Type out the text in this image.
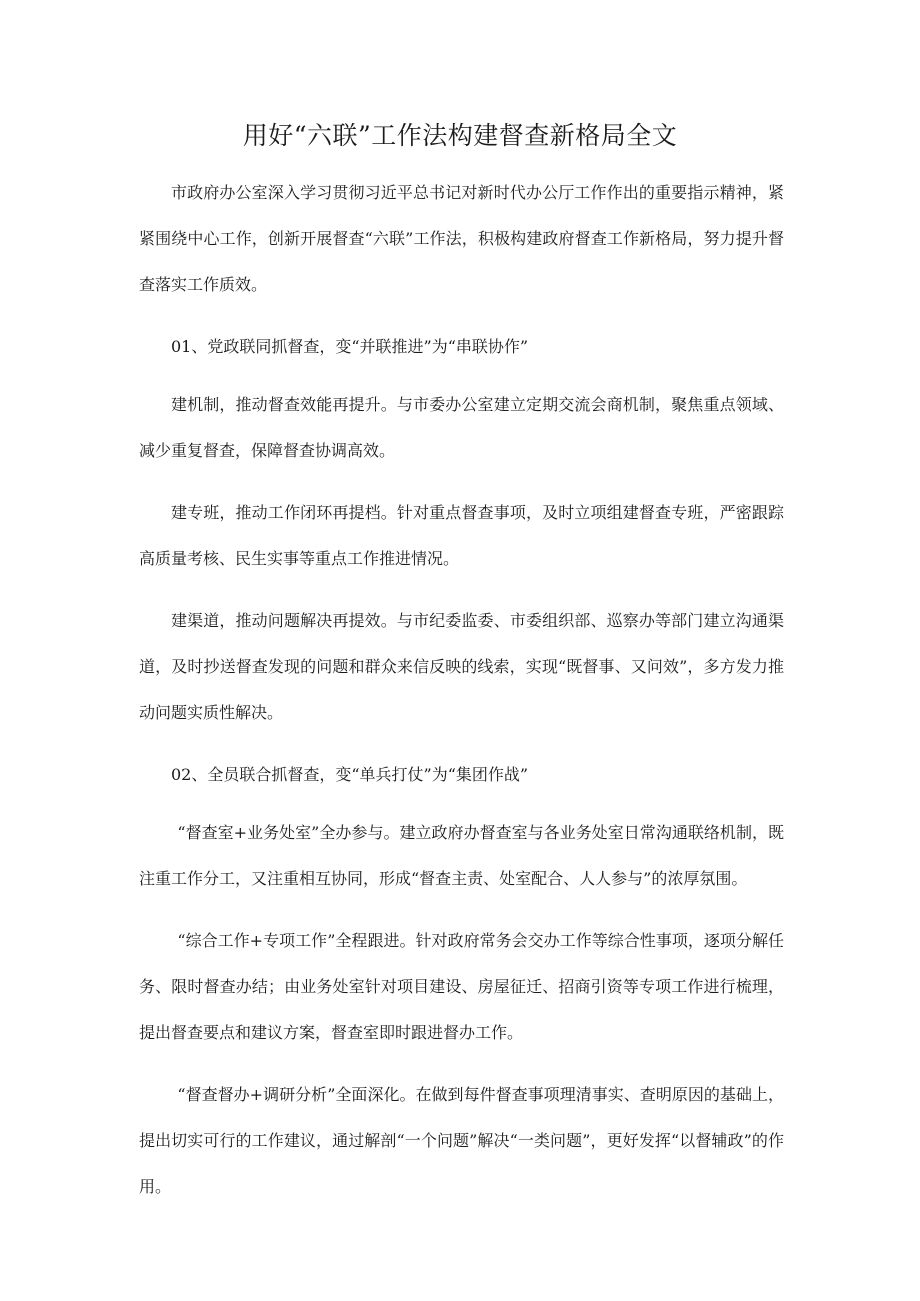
用好“六联”工作法构建督查新格局全文

市政府办公室深入学习贯彻习近平总书记对新时代办公厅工作作出的重要指示精神，紧紧围绕中心工作，创新开展督查“六联”工作法，积极构建政府督查工作新格局，努力提升督查落实工作质效。

01、党政联同抓督查，变“并联推进”为“串联协作”

建机制，推动督查效能再提升。与市委办公室建立定期交流会商机制，聚焦重点领域、减少重复督查，保障督查协调高效。

建专班，推动工作闭环再提档。针对重点督查事项，及时立项组建督查专班，严密跟踪高质量考核、民生实事等重点工作推进情况。

建渠道，推动问题解决再提效。与市纪委监委、市委组织部、巡察办等部门建立沟通渠道，及时抄送督查发现的问题和群众来信反映的线索，实现“既督事、又问效”，多方发力推动问题实质性解决。

02、全员联合抓督查，变“单兵打仗”为“集团作战”

“督查室+业务处室”全办参与。建立政府办督查室与各业务处室日常沟通联络机制，既注重工作分工，又注重相互协同，形成“督查主责、处室配合、人人参与”的浓厚氛围。

“综合工作+专项工作”全程跟进。针对政府常务会交办工作等综合性事项，逐项分解任务、限时督查办结；由业务处室针对项目建设、房屋征迁、招商引资等专项工作进行梳理，提出督查要点和建议方案，督查室即时跟进督办工作。

“督查督办+调研分析”全面深化。在做到每件督查事项理清事实、查明原因的基础上，提出切实可行的工作建议，通过解剖“一个问题”解决“一类问题”，更好发挥“以督辅政”的作用。
